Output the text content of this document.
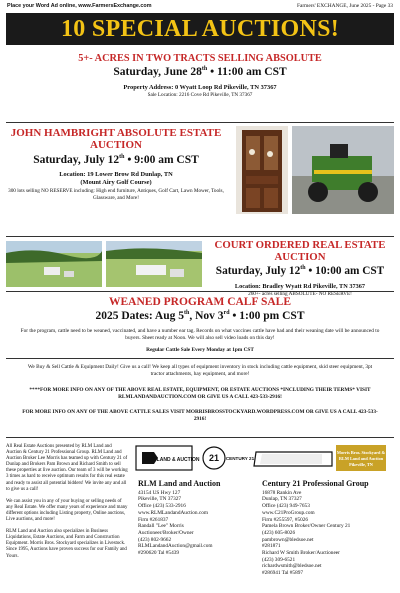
Place your Word Ad online, www.FarmersExchange.com	Farmers' EXCHANGE, June 2025 - Page 33
10 SPECIAL AUCTIONS!
5+- ACRES IN TWO TRACTS SELLING ABSOLUTE
Saturday, June 28th • 11:00 am CST
Property Address: 0 Wyatt Loop Rd Pikeville, TN 37367
Sale Location: 2216 Cove Rd Pikeville, TN 37367
JOHN HAMBRIGHT ABSOLUTE ESTATE AUCTION
Saturday, July 12th • 9:00 am CST
Location: 19 Lower Brow Rd Dunlap, TN
(Mount Airy Golf Course)
300 lots selling NO RESERVE including: High end furniture, Antiques, Golf Cart, Lawn Mower, Tools, Glassware, and More!
COURT ORDERED REAL ESTATE AUCTION
Saturday, July 12th • 10:00 am CST
Location: Bradley Wyatt Rd Pikeville, TN 37367
260+- acres selling ABSOLUTE- NO RESERVE!
WEANED PROGRAM CALF SALE
2025 Dates: Aug 5th, Nov 3rd • 1:00 pm CST
For the program, cattle need to be weaned, vaccinated, and have a number ear tag. Records on what vaccines cattle have had and their weaning date will be announced to buyers. Sheet ready at Noon. We will also sell video loads on this day!
Regular Cattle Sale Every Monday at 1pm CST
We Buy & Sell Cattle & Equipment Daily! Give us a call! We keep all types of equipment inventory in stock including cattle equipment, skid steer equipment, 3pt tractor attachments, hay equipment, and more!
****FOR MORE INFO ON ANY OF THE ABOVE REAL ESTATE, EQUIPMENT, OR ESTATE AUCTIONS *INCLUDING THEIR TERMS* VISIT RLMLANDANDAUCTION.COM OR GIVE US A CALL 423-533-2916!
FOR MORE INFO ON ANY OF THE ABOVE CATTLE SALES VISIT MORRISBROSSTOCKYARD.WORDPRESS.COM OR GIVE US A CALL 423-533-2916!

All Real Estate Auctions presented by RLM Land and Auction & Century 21 Professional Group. RLM Land and Auction Broker Lee Morris has teamed up with Century 21 of Dunlap and Brokers Pam Brown and Richard Smith to sell these properties at live auction. Our team of 3 will be working 3 times as hard to receive optimum results for this real estate and ready to assist all potential bidders! We invite any and all to give us a call!

We can assist you in any of your buying or selling needs of any Real Estate. We offer many years of experience and many different options including Listing property, Online auctions, Live auctions, and more!

RLM Land and Auction also specializes in Business Liquidations, Estate Auctions, and Farm and Construction Equipment. Morris Bros. Stockyard specializes in Livestock. Since 1995, Auctions have proven success for our Family and Yours.

RLM LAND & AUCTION 21 CENTURY 21
Morris Bros. Stockyard &
RLM Land and Auction
Pikeville, TN
RLM Land and Auction
43154 US Hwy 127
Pikeville, TN 37327
Office (423) 533-2916
www.RLMLandandAuction.com
Firm #261837
Randall "Lee" Morris
Auctioneer/Broker/Owner
(423) 802-9662
RLMLandandAuction@gmail.com
#290620 Tal #5439
Century 21 Professional Group
16878 Rankin Ave
Dunlap, TN 37327
Office (423) 949-7653
www.C21ProGroup.com
Firm #255597, #5026
Pamela Brown Broker/Owner Century 21
(423) 605-8026
pambrown@bledsoe.net
#281871
Richard W Smith Broker/Auctioneer
(423) 309-6521
richardwsmith@bledsoe.net
#286941 Tal #5897
